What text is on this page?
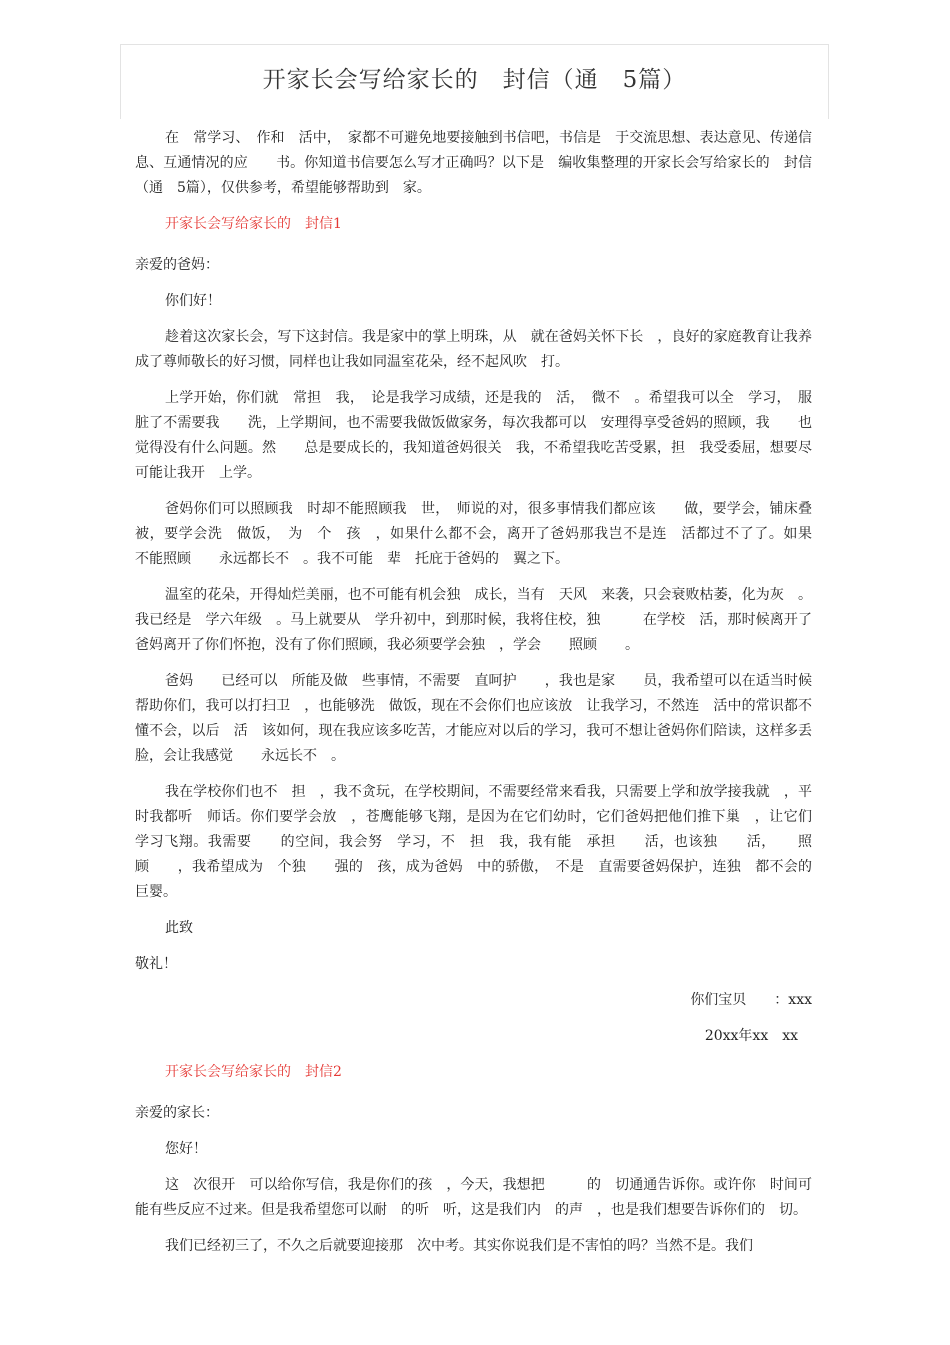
开家长会写给家长的　封信（通　5篇）

在　常学习、　作和　活中，　家都不可避免地要接触到书信吧，书信是　于交流思想、表达意见、传递信息、互通情况的应　　书。你知道书信要怎么写才正确吗？以下是　编收集整理的开家长会写给家长的　封信（通　5篇），仅供参考，希望能够帮助到　家。

开家长会写给家长的　封信1

亲爱的爸妈：

你们好！

趁着这次家长会，写下这封信。我是家中的掌上明珠，从　就在爸妈关怀下长　，良好的家庭教育让我养成了尊师敬长的好习惯，同样也让我如同温室花朵，经不起风吹　打。

上学开始，你们就　常担　我，　论是我学习成绩，还是我的　活，　微不　。希望我可以全　学习，　服脏了不需要我　　洗，上学期间，也不需要我做饭做家务，每次我都可以　安理得享受爸妈的照顾，我　　也觉得没有什么问题。然　　总是要成长的，我知道爸妈很关　我，不希望我吃苦受累，担　我受委屈，想要尽可能让我开　上学。

爸妈你们可以照顾我　时却不能照顾我　世，　师说的对，很多事情我们都应该　　做，要学会，铺床叠被，要学会洗　做饭，　为　个　孩　，如果什么都不会，离开了爸妈那我岂不是连　活都过不了了。如果　　不能照顾　　永远都长不　。我不可能　辈　托庇于爸妈的　翼之下。

温室的花朵，开得灿烂美丽，也不可能有机会独　成长，当有　天风　来袭，只会衰败枯萎，化为灰　。我已经是　学六年级　。马上就要从　学升初中，到那时候，我将住校，独　　　在学校　活，那时候离开了爸妈离开了你们怀抱，没有了你们照顾，我必须要学会独　，学会　　照顾　　。

爸妈　　已经可以　所能及做　些事情，不需要　直呵护　　，我也是家　　员，我希望可以在适当时候帮助你们，我可以打扫卫　，也能够洗　做饭，现在不会你们也应该放　让我学习，不然连　活中的常识都不懂不会，以后　活　该如何，现在我应该多吃苦，才能应对以后的学习，我可不想让爸妈你们陪读，这样多丢脸，会让我感觉　　永远长不　。

我在学校你们也不　担　，我不贪玩，在学校期间，不需要经常来看我，只需要上学和放学接我就　，平时我都听　师话。你们要学会放　，苍鹰能够飞翔，是因为在它们幼时，它们爸妈把他们推下巢　，让它们　　学习飞翔。我需要　　的空间，我会努　学习，不　担　我，我有能　承担　　活，也该独　　活，　　照顾　　，我希望成为　个独　　强的　孩，成为爸妈　中的骄傲，　不是　直需要爸妈保护，连独　都不会的巨婴。

此致

敬礼！

你们宝贝　　：xxx

20xx年xx　xx

开家长会写给家长的　封信2

亲爱的家长：

您好！

这　次很开　可以给你写信，我是你们的孩　，今天，我想把　　　的　切通通告诉你。或许你　时间可能有些反应不过来。但是我希望您可以耐　的听　听，这是我们内　的声　，也是我们想要告诉你们的　切。

我们已经初三了，不久之后就要迎接那　次中考。其实你说我们是不害怕的吗？当然不是。我们
